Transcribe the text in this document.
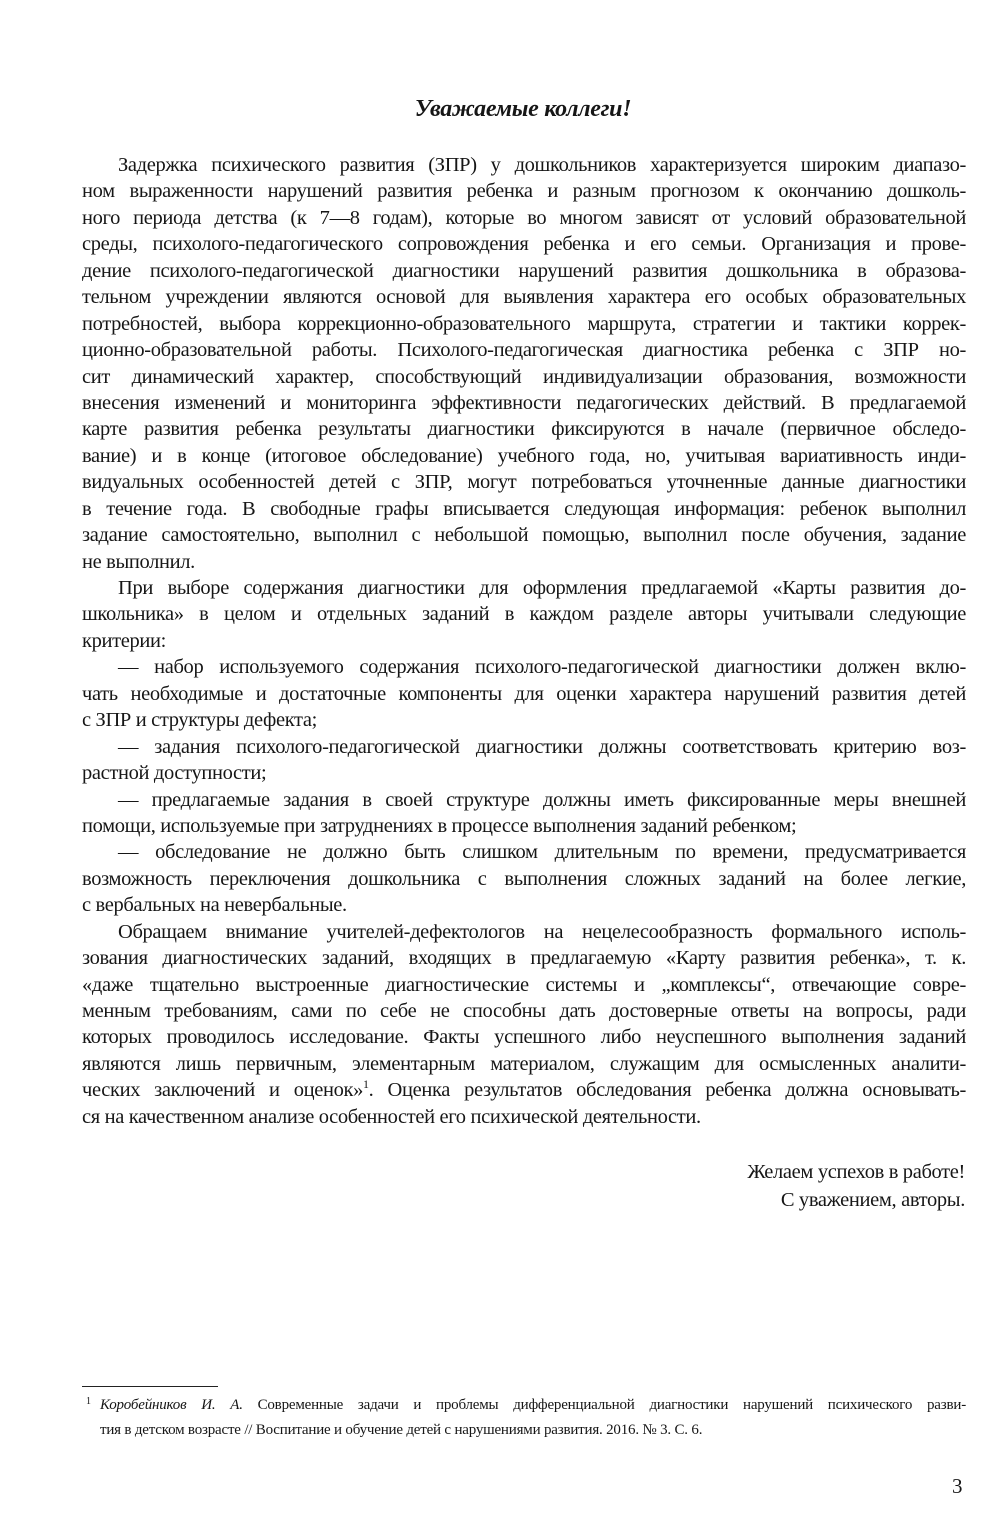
Уважаемые коллеги!
Задержка психического развития (ЗПР) у дошкольников характеризуется широким диапазо-
ном выраженности нарушений развития ребенка и разным прогнозом к окончанию дошколь-
ного периода детства (к 7—8 годам), которые во многом зависят от условий образовательной
среды, психолого-педагогического сопровождения ребенка и его семьи. Организация и прове-
дение психолого-педагогической диагностики нарушений развития дошкольника в образова-
тельном учреждении являются основой для выявления характера его особых образовательных
потребностей, выбора коррекционно-образовательного маршрута, стратегии и тактики коррек-
ционно-образовательной работы. Психолого-педагогическая диагностика ребенка с ЗПР но-
сит динамический характер, способствующий индивидуализации образования, возможности
внесения изменений и мониторинга эффективности педагогических действий. В предлагаемой
карте развития ребенка результаты диагностики фиксируются в начале (первичное обследо-
вание) и в конце (итоговое обследование) учебного года, но, учитывая вариативность инди-
видуальных особенностей детей с ЗПР, могут потребоваться уточненные данные диагностики
в течение года. В свободные графы вписывается следующая информация: ребенок выполнил
задание самостоятельно, выполнил с небольшой помощью, выполнил после обучения, задание
не выполнил.
При выборе содержания диагностики для оформления предлагаемой «Карты развития до-
школьника» в целом и отдельных заданий в каждом разделе авторы учитывали следующие
критерии:
— набор используемого содержания психолого-педагогической диагностики должен вклю-
чать необходимые и достаточные компоненты для оценки характера нарушений развития детей
с ЗПР и структуры дефекта;
— задания психолого-педагогической диагностики должны соответствовать критерию воз-
растной доступности;
— предлагаемые задания в своей структуре должны иметь фиксированные меры внешней
помощи, используемые при затруднениях в процессе выполнения заданий ребенком;
— обследование не должно быть слишком длительным по времени, предусматривается
возможность переключения дошкольника с выполнения сложных заданий на более легкие,
с вербальных на невербальные.
Обращаем внимание учителей-дефектологов на нецелесообразность формального исполь-
зования диагностических заданий, входящих в предлагаемую «Карту развития ребенка», т. к.
«даже тщательно выстроенные диагностические системы и „комплексы“, отвечающие совре-
менным требованиям, сами по себе не способны дать достоверные ответы на вопросы, ради
которых проводилось исследование. Факты успешного либо неуспешного выполнения заданий
являются лишь первичным, элементарным материалом, служащим для осмысленных аналити-
ческих заключений и оценок»$^1$. Оценка результатов обследования ребенка должна основывать-
ся на качественном анализе особенностей его психической деятельности.
Желаем успехов в работе!
С уважением, авторы.
1 Коробейников И. А. Современные задачи и проблемы дифференциальной диагностики нарушений психического разви-
тия в детском возрасте // Воспитание и обучение детей с нарушениями развития. 2016. № 3. С. 6.
3
